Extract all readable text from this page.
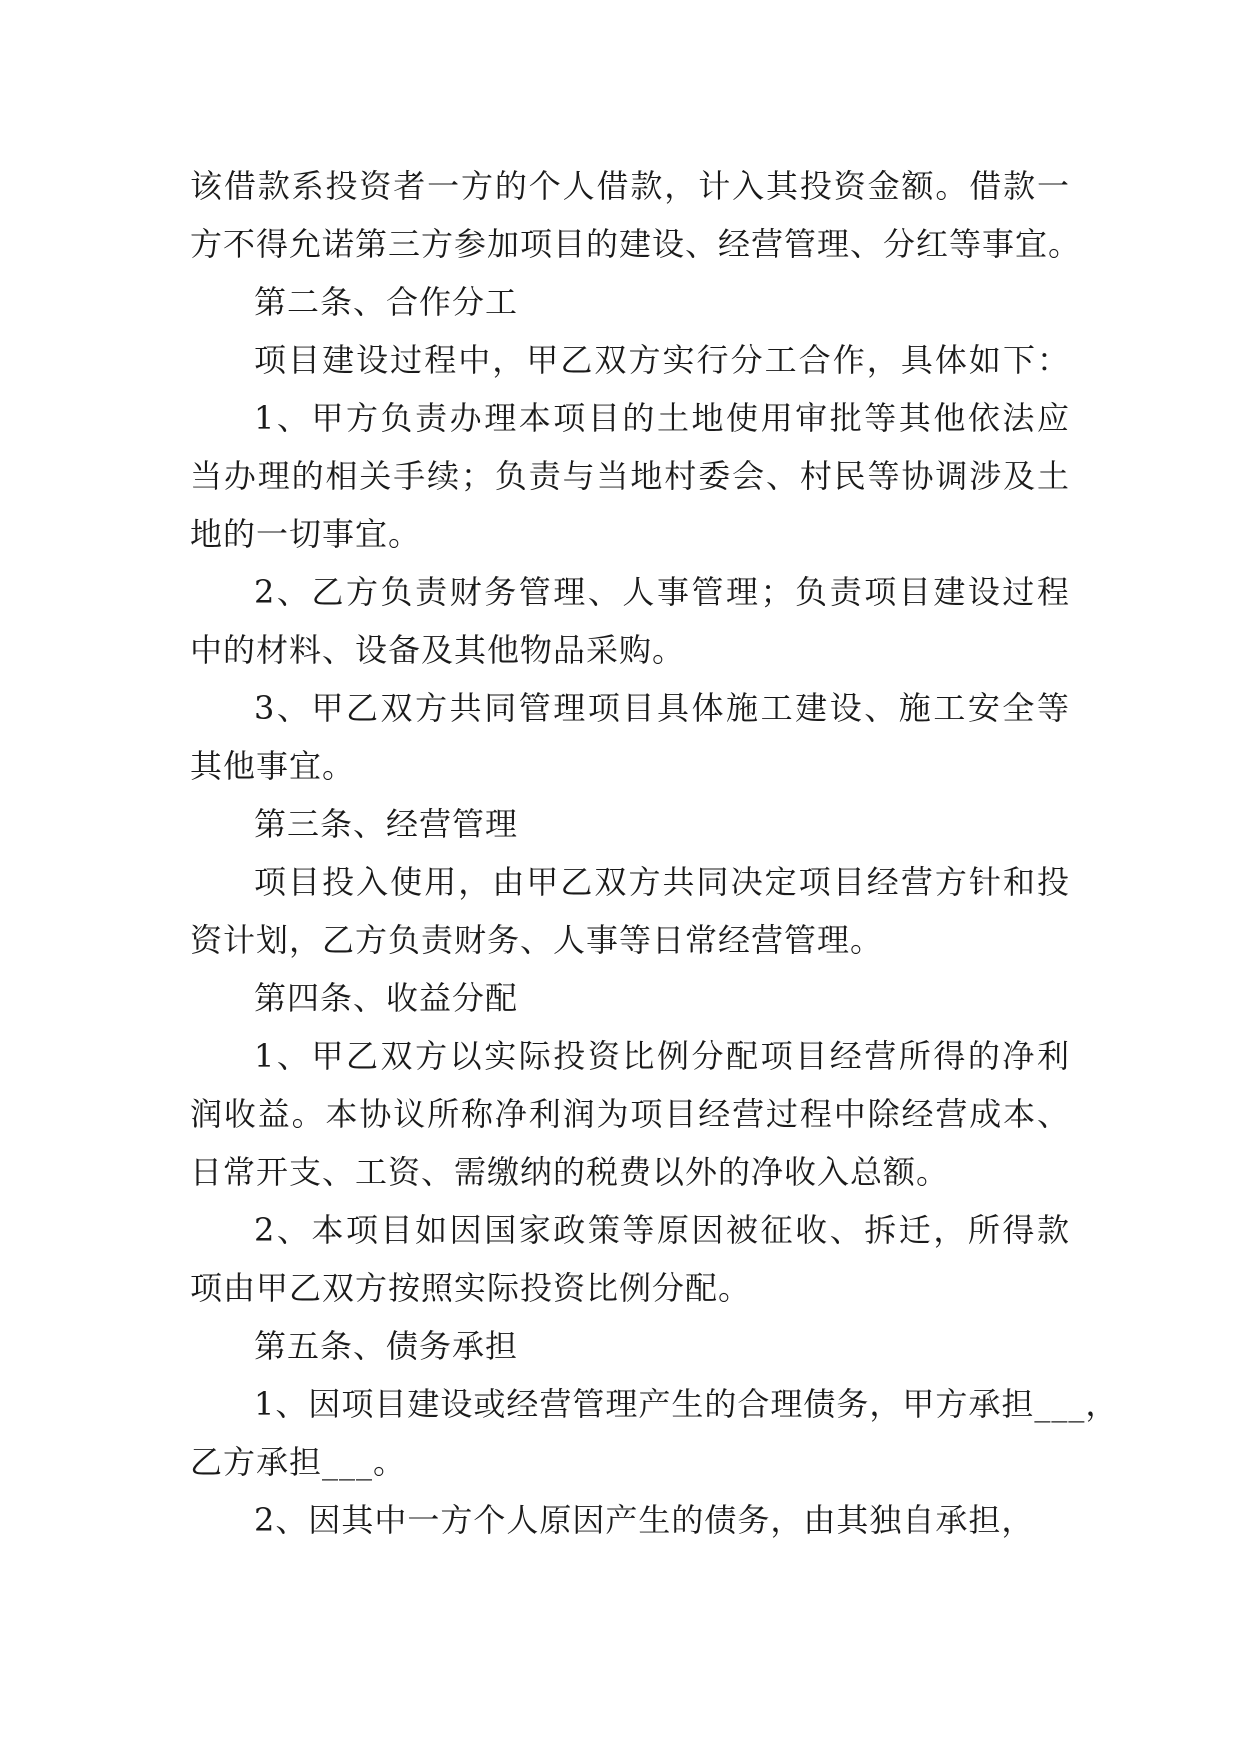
该借款系投资者一方的个人借款，计入其投资金额。借款一
方不得允诺第三方参加项目的建设、经营管理、分红等事宜。
第二条、合作分工
项目建设过程中，甲乙双方实行分工合作，具体如下：
1、甲方负责办理本项目的土地使用审批等其他依法应
当办理的相关手续；负责与当地村委会、村民等协调涉及土
地的一切事宜。
2、乙方负责财务管理、人事管理；负责项目建设过程
中的材料、设备及其他物品采购。
3、甲乙双方共同管理项目具体施工建设、施工安全等
其他事宜。
第三条、经营管理
项目投入使用，由甲乙双方共同决定项目经营方针和投
资计划，乙方负责财务、人事等日常经营管理。
第四条、收益分配
1、甲乙双方以实际投资比例分配项目经营所得的净利
润收益。本协议所称净利润为项目经营过程中除经营成本、
日常开支、工资、需缴纳的税费以外的净收入总额。
2、本项目如因国家政策等原因被征收、拆迁，所得款
项由甲乙双方按照实际投资比例分配。
第五条、债务承担
1、因项目建设或经营管理产生的合理债务，甲方承担___，
乙方承担___。
2、因其中一方个人原因产生的债务，由其独自承担，
